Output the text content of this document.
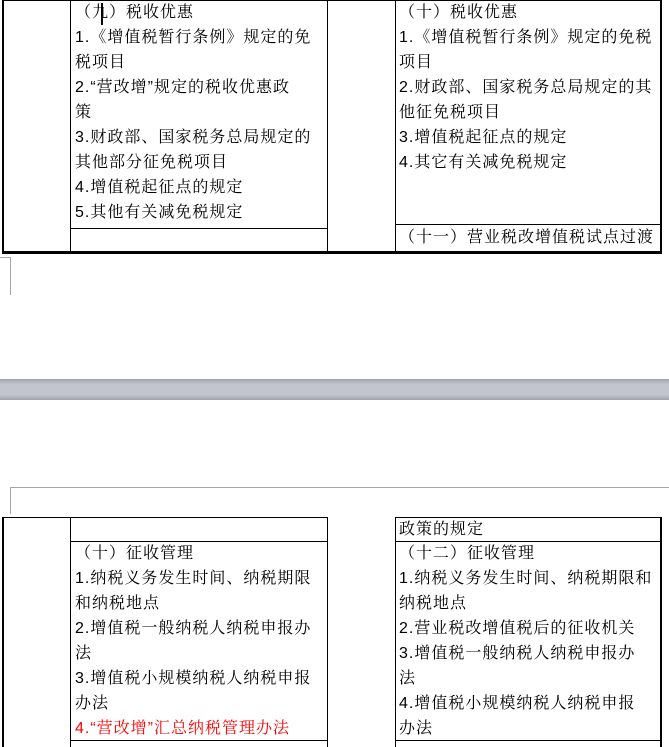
（九）税收优惠
1.《增值税暂行条例》规定的免
税项目
2.“营改增”规定的税收优惠政
策
3.财政部、国家税务总局规定的
其他部分征免税项目
4.增值税起征点的规定
5.其他有关减免税规定
（十）税收优惠
1.《增值税暂行条例》规定的免税
项目
2.财政部、国家税务总局规定的其
他征免税项目
3.增值税起征点的规定
4.其它有关减免税规定
（十一）营业税改增值税试点过渡
政策的规定
（十）征收管理
1.纳税义务发生时间、纳税期限
和纳税地点
2.增值税一般纳税人纳税申报办
法
3.增值税小规模纳税人纳税申报
办法
4.“营改增”汇总纳税管理办法
（十二）征收管理
1.纳税义务发生时间、纳税期限和
纳税地点
2.营业税改增值税后的征收机关
3.增值税一般纳税人纳税申报办
法
4.增值税小规模纳税人纳税申报
办法
